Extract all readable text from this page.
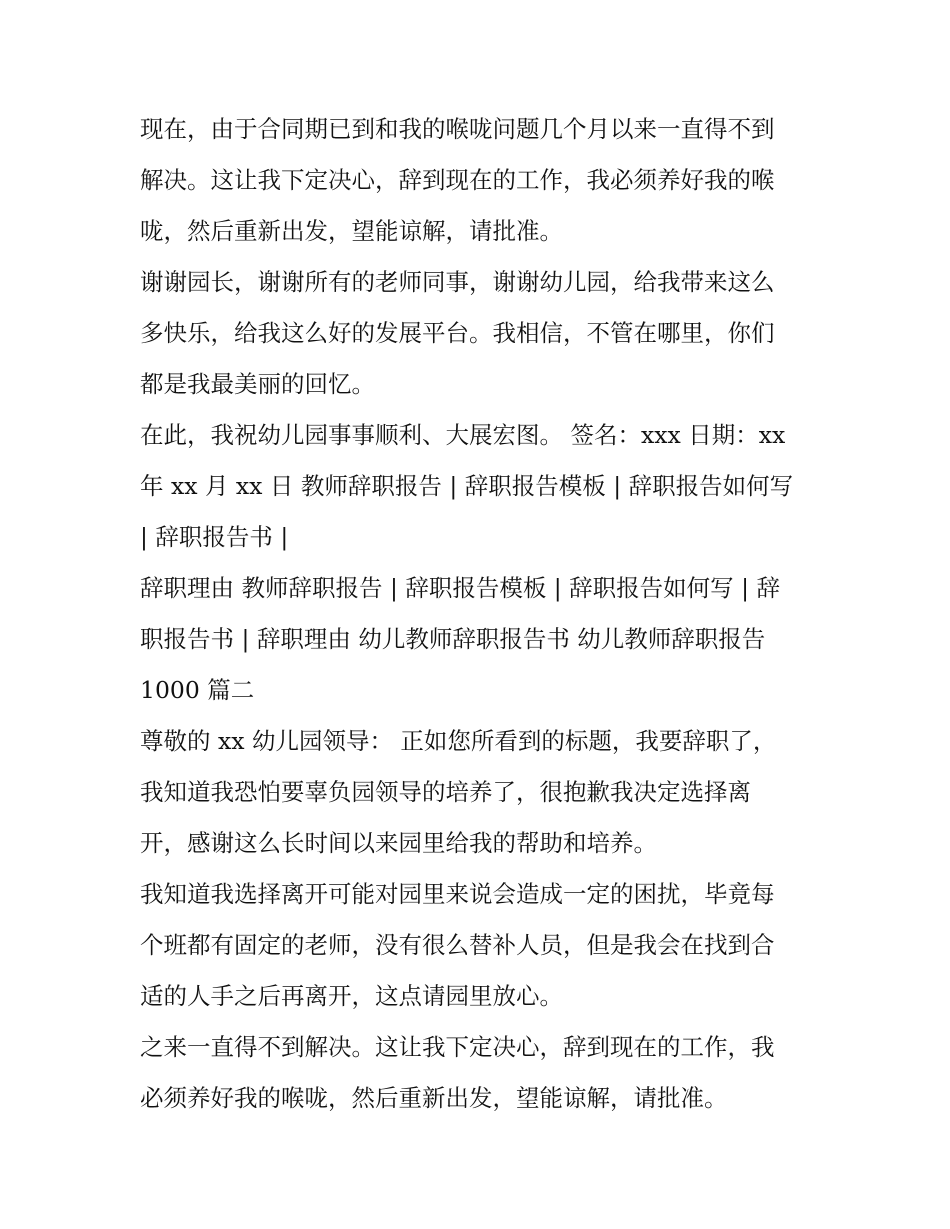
现在，由于合同期已到和我的喉咙问题几个月以来一直得不到
解决。这让我下定决心，辞到现在的工作，我必须养好我的喉
咙，然后重新出发，望能谅解，请批准。
谢谢园长，谢谢所有的老师同事，谢谢幼儿园，给我带来这么
多快乐，给我这么好的发展平台。我相信，不管在哪里，你们
都是我最美丽的回忆。
在此，我祝幼儿园事事顺利、大展宏图。 签名：xxx 日期：xx
年 xx 月 xx 日 教师辞职报告 | 辞职报告模板 | 辞职报告如何写
| 辞职报告书 |
辞职理由 教师辞职报告 | 辞职报告模板 | 辞职报告如何写 | 辞
职报告书 | 辞职理由 幼儿教师辞职报告书 幼儿教师辞职报告
1000 篇二
尊敬的 xx 幼儿园领导： 正如您所看到的标题，我要辞职了，
我知道我恐怕要辜负园领导的培养了，很抱歉我决定选择离
开，感谢这么长时间以来园里给我的帮助和培养。
我知道我选择离开可能对园里来说会造成一定的困扰，毕竟每
个班都有固定的老师，没有很么替补人员，但是我会在找到合
适的人手之后再离开，这点请园里放心。
之来一直得不到解决。这让我下定决心，辞到现在的工作，我
必须养好我的喉咙，然后重新出发，望能谅解，请批准。
